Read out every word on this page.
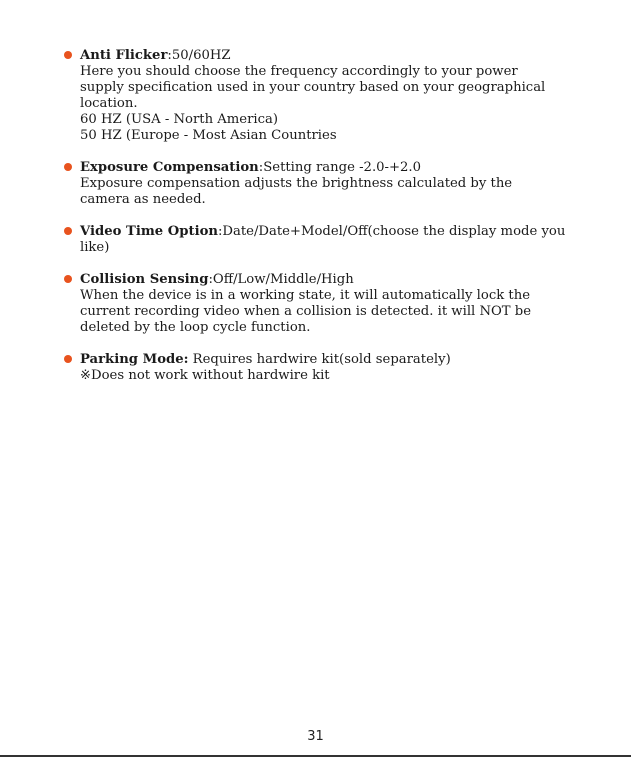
Anti Flicker:50/60HZ
Here you should choose the frequency accordingly to your power
supply specification used in your country based on your geographical
location.
60 HZ (USA - North America)
50 HZ (Europe - Most Asian Countries
Exposure Compensation:Setting range -2.0-+2.0
Exposure compensation adjusts the brightness calculated by the
camera as needed.
Video Time Option:Date/Date+Model/Off(choose the display mode you
like)
Collision Sensing:Off/Low/Middle/High
When the device is in a working state, it will automatically lock the
current recording video when a collision is detected. it will NOT be
deleted by the loop cycle function.
Parking Mode: Requires hardwire kit(sold separately)
※Does not work without hardwire kit
31
